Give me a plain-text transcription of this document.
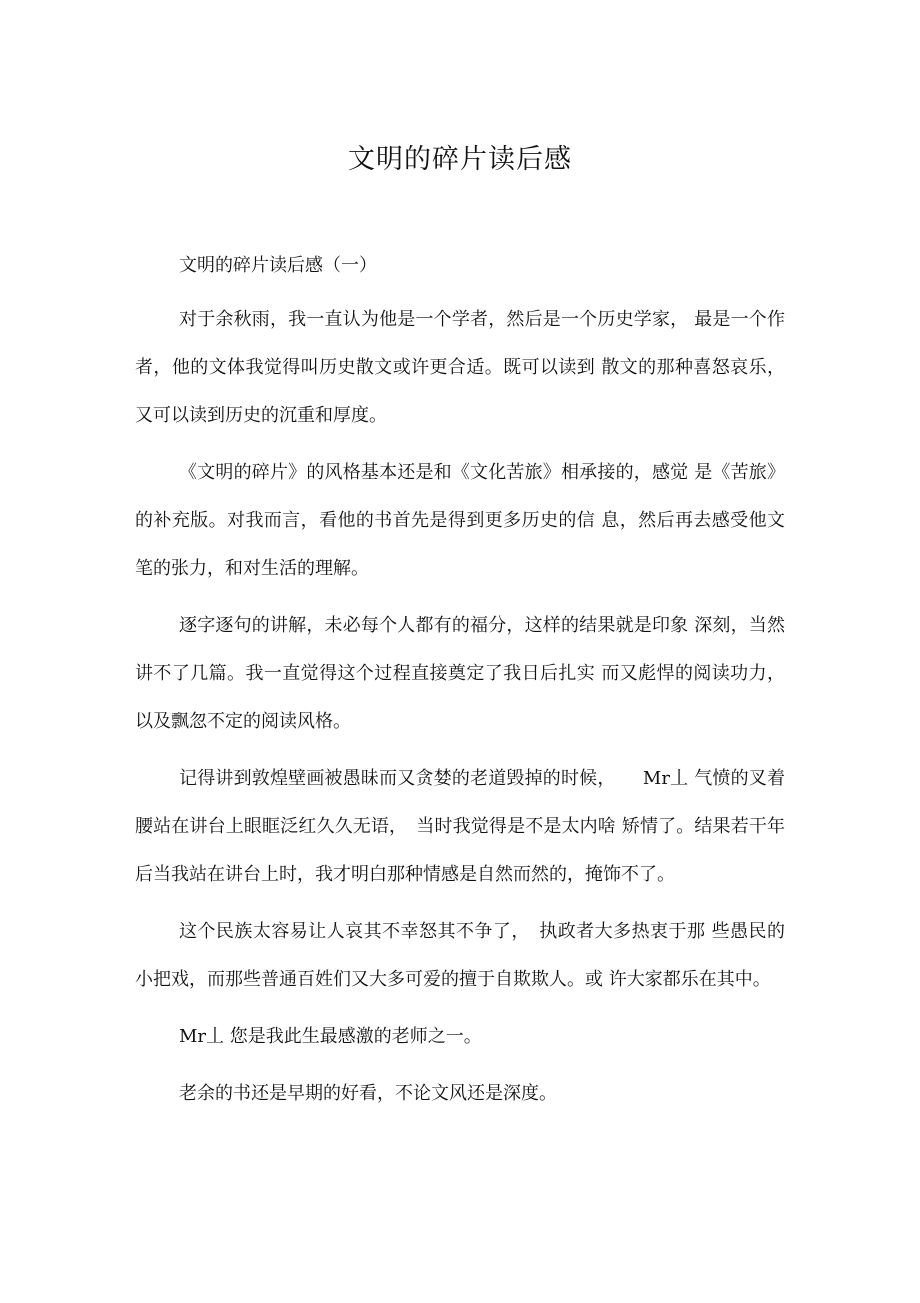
文明的碎片读后感

文明的碎片读后感（一）

对于余秋雨，我一直认为他是一个学者，然后是一个历史学家， 最是一个作者，他的文体我觉得叫历史散文或许更合适。既可以读到 散文的那种喜怒哀乐，又可以读到历史的沉重和厚度。

《文明的碎片》的风格基本还是和《文化苦旅》相承接的，感觉 是《苦旅》的补充版。对我而言，看他的书首先是得到更多历史的信 息，然后再去感受他文笔的张力，和对生活的理解。

逐字逐句的讲解，未必每个人都有的福分，这样的结果就是印象 深刻，当然讲不了几篇。我一直觉得这个过程直接奠定了我日后扎实 而又彪悍的阅读功力，以及飘忽不定的阅读风格。

记得讲到敦煌壁画被愚昧而又贪婪的老道毁掉的时候，　　Mr丄 气愤的叉着腰站在讲台上眼眶泛红久久无语，　当时我觉得是不是太内啥 矫情了。结果若干年后当我站在讲台上时，我才明白那种情感是自然而然的，掩饰不了。

这个民族太容易让人哀其不幸怒其不争了，　执政者大多热衷于那 些愚民的小把戏，而那些普通百姓们又大多可爱的擅于自欺欺人。或 许大家都乐在其中。

Mr丄 您是我此生最感激的老师之一。

老余的书还是早期的好看，不论文风还是深度。
